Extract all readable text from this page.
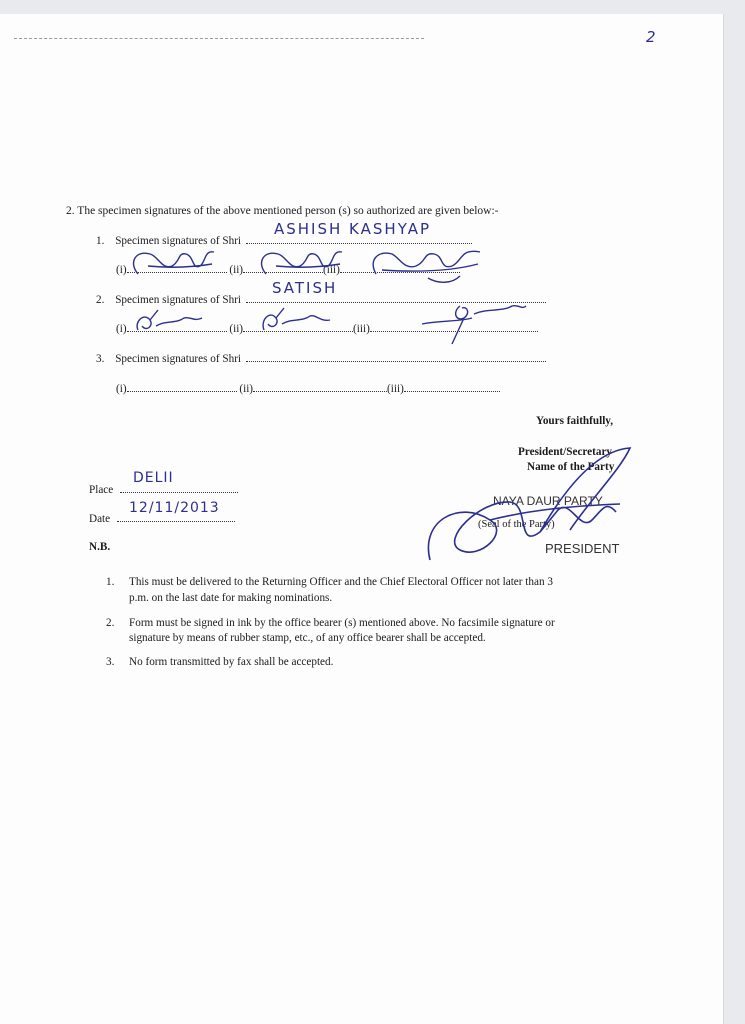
2
2. The specimen signatures of the above mentioned person (s) so authorized are given below:-
1. Specimen signatures of Shri
ASHISH KASHYAP
(i)	(ii)	(iii)
2. Specimen signatures of Shri
SATISH
(i)	(ii)	(iii)
3. Specimen signatures of Shri
(i)	(ii)	(iii)
Yours faithfully,
President/Secretary
Name of the Party
Place
DELII
Date
12/11/2013
N.B.
NAYA DAUR PARTY
(Seal of the Party)
PRESIDENT
1. This must be delivered to the Returning Officer and the Chief Electoral Officer not later than 3
p.m. on the last date for making nominations.
2. Form must be signed in ink by the office bearer (s) mentioned above. No facsimile signature or
signature by means of rubber stamp, etc., of any office bearer shall be accepted.
3. No form transmitted by fax shall be accepted.
